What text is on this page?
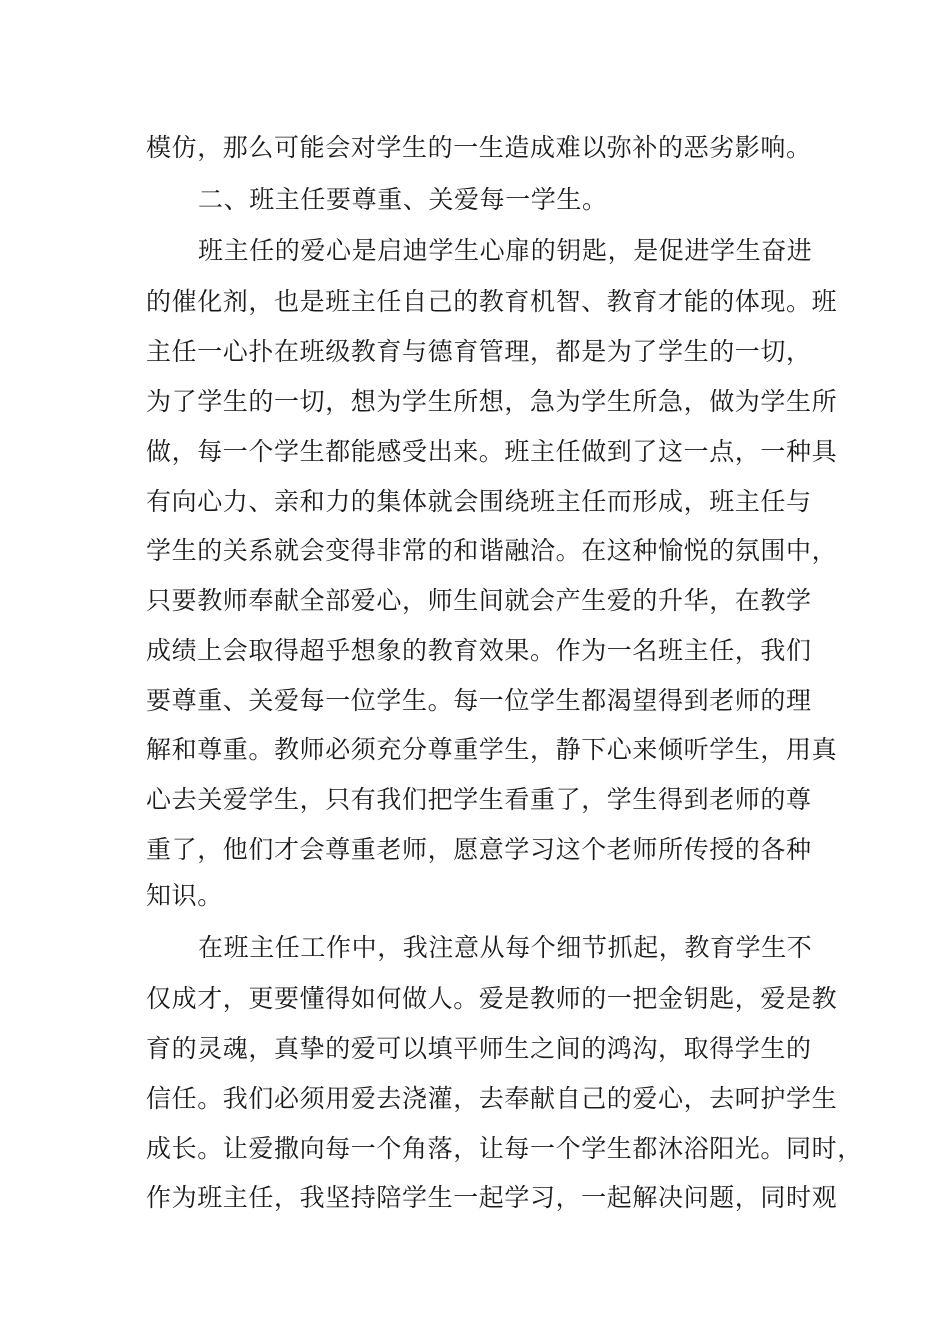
模仿，那么可能会对学生的一生造成难以弥补的恶劣影响。
二、班主任要尊重、关爱每一学生。
班主任的爱心是启迪学生心扉的钥匙，是促进学生奋进
的催化剂，也是班主任自己的教育机智、教育才能的体现。班
主任一心扑在班级教育与德育管理，都是为了学生的一切，
为了学生的一切，想为学生所想，急为学生所急，做为学生所
做，每一个学生都能感受出来。班主任做到了这一点，一种具
有向心力、亲和力的集体就会围绕班主任而形成，班主任与
学生的关系就会变得非常的和谐融洽。在这种愉悦的氛围中，
只要教师奉献全部爱心，师生间就会产生爱的升华，在教学
成绩上会取得超乎想象的教育效果。作为一名班主任，我们
要尊重、关爱每一位学生。每一位学生都渴望得到老师的理
解和尊重。教师必须充分尊重学生，静下心来倾听学生，用真
心去关爱学生，只有我们把学生看重了，学生得到老师的尊
重了，他们才会尊重老师，愿意学习这个老师所传授的各种
知识。
在班主任工作中，我注意从每个细节抓起，教育学生不
仅成才，更要懂得如何做人。爱是教师的一把金钥匙，爱是教
育的灵魂，真挚的爱可以填平师生之间的鸿沟，取得学生的
信任。我们必须用爱去浇灌，去奉献自己的爱心，去呵护学生
成长。让爱撒向每一个角落，让每一个学生都沐浴阳光。同时，
作为班主任，我坚持陪学生一起学习，一起解决问题，同时观
